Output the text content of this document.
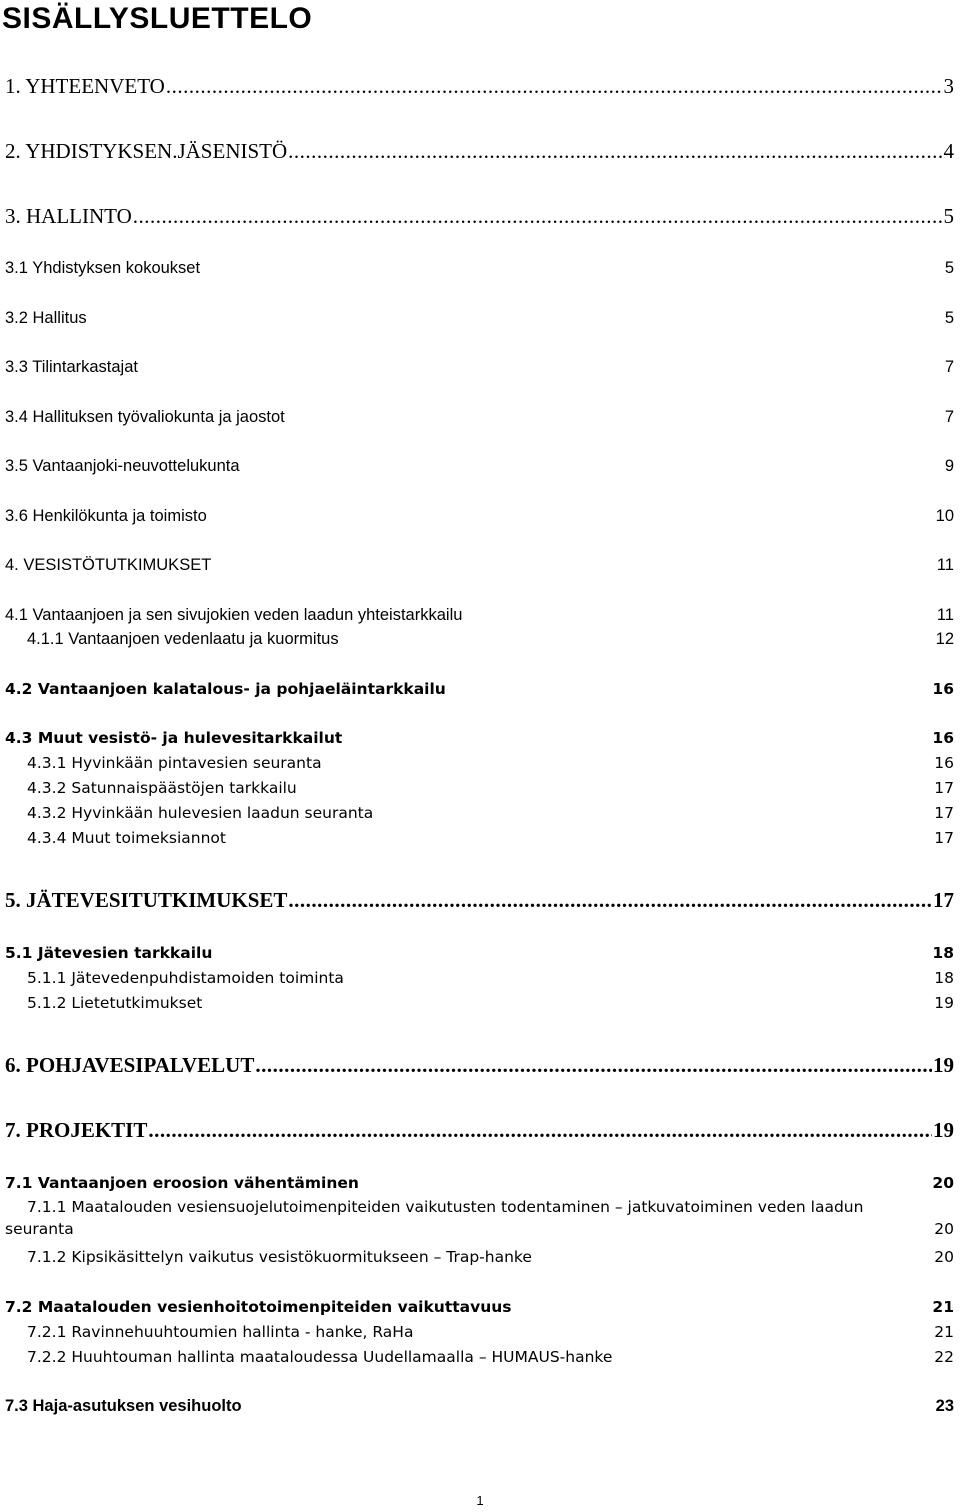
SISÄLLYSLUETTELO
1. YHTEENVETO .....	3
2. YHDISTYKSEN.JÄSENISTÖ .....	4
3. HALLINTO .....	5
3.1 Yhdistyksen kokoukset	5
3.2 Hallitus	5
3.3 Tilintarkastajat	7
3.4 Hallituksen työvaliokunta ja jaostot	7
3.5 Vantaanjoki-neuvottelukunta	9
3.6 Henkilökunta ja toimisto	10
4. VESISTÖTUTKIMUKSET	11
4.1 Vantaanjoen ja sen sivujokien veden laadun yhteistarkkailu	11
4.1.1 Vantaanjoen vedenlaatu ja kuormitus	12
4.2 Vantaanjoen kalatalous- ja pohjaeläintarkkailu	16
4.3 Muut vesistö- ja hulevesitarkkailut	16
4.3.1 Hyvinkään pintavesien seuranta	16
4.3.2 Satunnaispäästöjen tarkkailu	17
4.3.2 Hyvinkään hulevesien laadun seuranta	17
4.3.4 Muut toimeksiannot	17
5. JÄTEVESITUTKIMUKSET .....	17
5.1 Jätevesien tarkkailu	18
5.1.1 Jätevedenpuhdistamoiden toiminta	18
5.1.2 Lietetutkimukset	19
6. POHJAVESIPALVELUT .....	19
7. PROJEKTIT .....	19
7.1 Vantaanjoen eroosion vähentäminen	20
7.1.1 Maatalouden vesiensuojelutoimenpiteiden vaikutusten todentaminen – jatkuvatoiminen veden laadun
seuranta	20
7.1.2 Kipsikäsittelyn vaikutus vesistökuormitukseen – Trap-hanke	20
7.2 Maatalouden vesienhoitotoimenpiteiden vaikuttavuus	21
7.2.1 Ravinnehuuhtoumien hallinta - hanke, RaHa	21
7.2.2 Huuhtouman hallinta maataloudessa Uudellamaalla – HUMAUS-hanke	22
7.3 Haja-asutuksen vesihuolto	23
1
